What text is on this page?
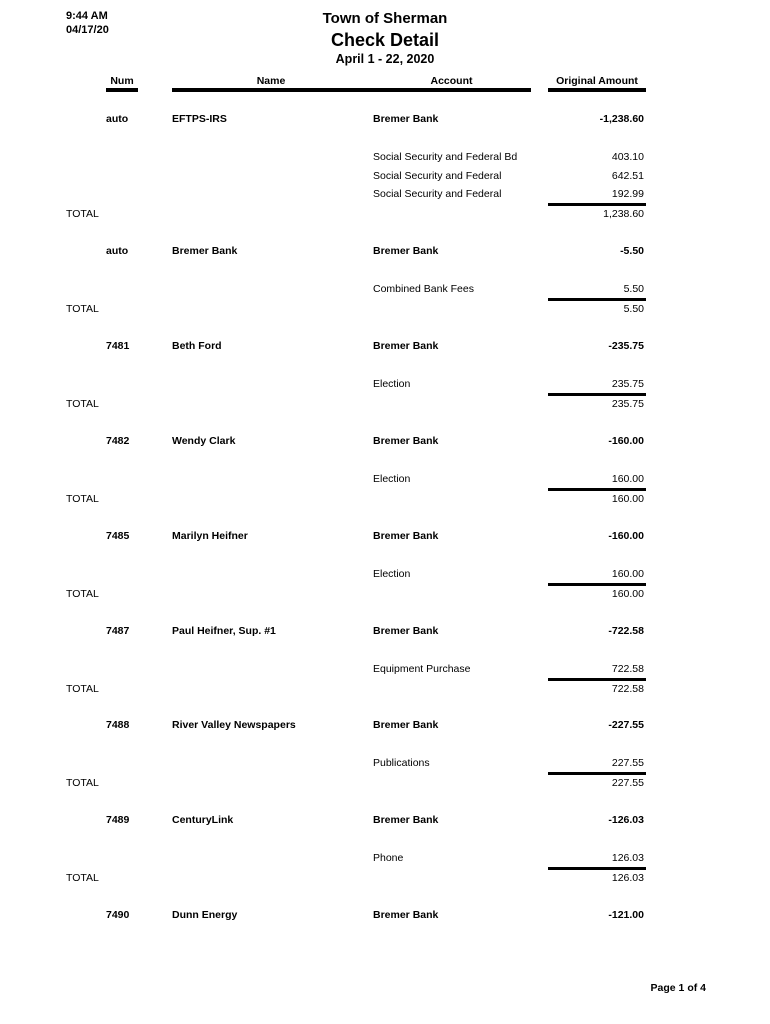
9:44 AM
04/17/20
Town of Sherman
Check Detail
April 1 - 22, 2020
Num	Name	Account	Original Amount
auto	EFTPS-IRS	Bremer Bank	-1,238.60
Social Security and Federal Bd	403.10
Social Security and Federal	642.51
Social Security and Federal	192.99
TOTAL	1,238.60
auto	Bremer Bank	Bremer Bank	-5.50
Combined Bank Fees	5.50
TOTAL	5.50
7481	Beth Ford	Bremer Bank	-235.75
Election	235.75
TOTAL	235.75
7482	Wendy Clark	Bremer Bank	-160.00
Election	160.00
TOTAL	160.00
7485	Marilyn Heifner	Bremer Bank	-160.00
Election	160.00
TOTAL	160.00
7487	Paul Heifner, Sup. #1	Bremer Bank	-722.58
Equipment Purchase	722.58
TOTAL	722.58
7488	River Valley Newspapers	Bremer Bank	-227.55
Publications	227.55
TOTAL	227.55
7489	CenturyLink	Bremer Bank	-126.03
Phone	126.03
TOTAL	126.03
7490	Dunn Energy	Bremer Bank	-121.00
Page 1 of 4
